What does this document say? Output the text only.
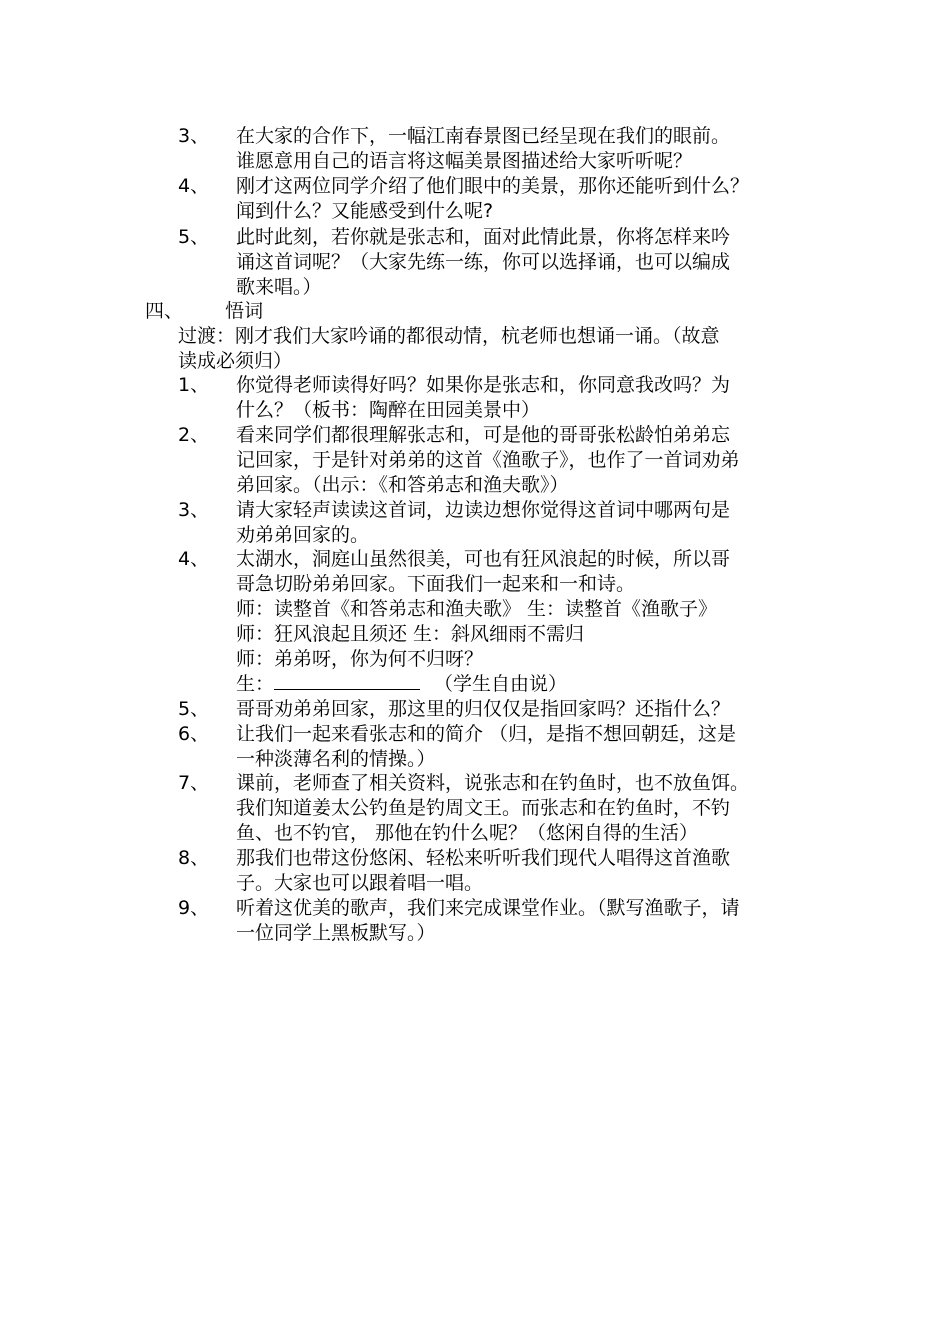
3、	在大家的合作下，一幅江南春景图已经呈现在我们的眼前。
谁愿意用自己的语言将这幅美景图描述给大家听听呢？
4、	刚才这两位同学介绍了他们眼中的美景，那你还能听到什么？
闻到什么？又能感受到什么呢?
5、	此时此刻，若你就是张志和，面对此情此景，你将怎样来吟
诵这首词呢？（大家先练一练，你可以选择诵，也可以编成
歌来唱。）
四、 悟词
过渡：刚才我们大家吟诵的都很动情，杭老师也想诵一诵。（故意
读成必须归）
1、	你觉得老师读得好吗？如果你是张志和，你同意我改吗？为
什么？（板书：陶醉在田园美景中）
2、	看来同学们都很理解张志和，可是他的哥哥张松龄怕弟弟忘
记回家，于是针对弟弟的这首《渔歌子》，也作了一首词劝弟
弟回家。（出示：《和答弟志和渔夫歌》）
3、	请大家轻声读读这首词，边读边想你觉得这首词中哪两句是
劝弟弟回家的。
4、	太湖水，洞庭山虽然很美，可也有狂风浪起的时候，所以哥
哥急切盼弟弟回家。下面我们一起来和一和诗。
师：读整首《和答弟志和渔夫歌》 生：读整首《渔歌子》
师：狂风浪起且须还 生：斜风细雨不需归
师：弟弟呀，你为何不归呀？
生：	（学生自由说）
5、	哥哥劝弟弟回家，那这里的归仅仅是指回家吗？还指什么？
6、	让我们一起来看张志和的简介 （归，是指不想回朝廷，这是
一种淡薄名利的情操。）
7、	课前，老师查了相关资料，说张志和在钓鱼时，也不放鱼饵。
我们知道姜太公钓鱼是钓周文王。而张志和在钓鱼时，不钓
鱼、也不钓官， 那他在钓什么呢？（悠闲自得的生活）
8、	那我们也带这份悠闲、轻松来听听我们现代人唱得这首渔歌
子。大家也可以跟着唱一唱。
9、	听着这优美的歌声，我们来完成课堂作业。（默写渔歌子，请
一位同学上黑板默写。）
